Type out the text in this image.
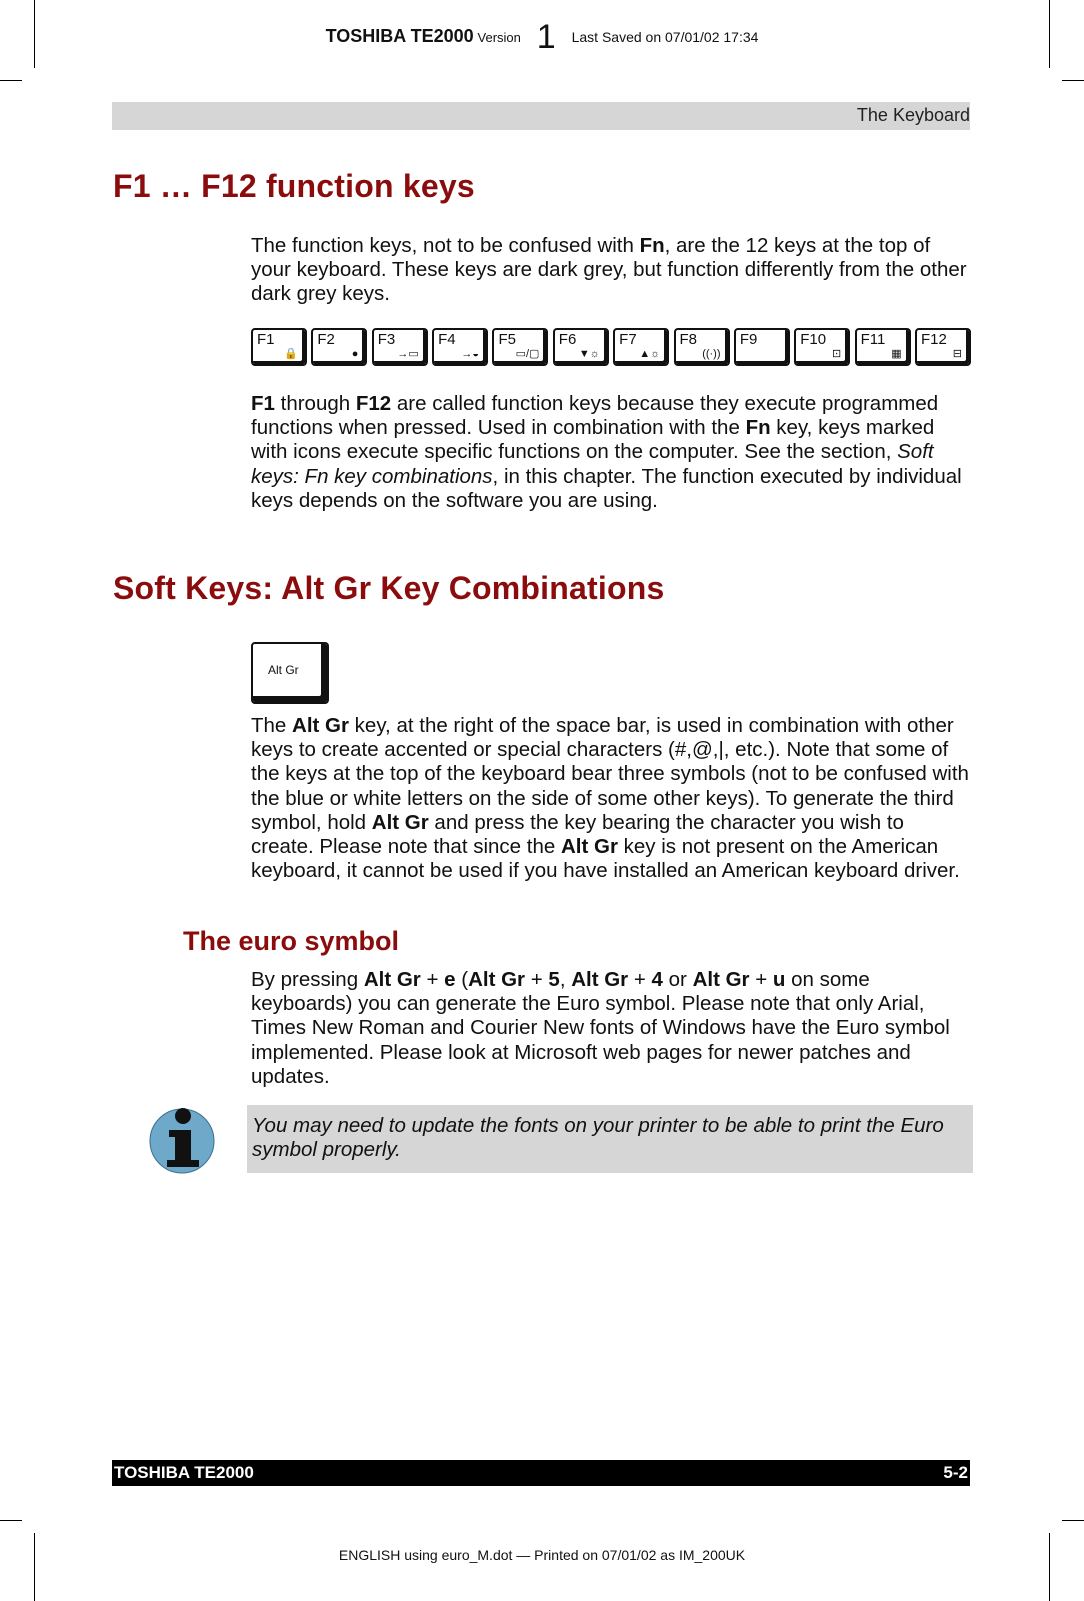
TOSHIBA TE2000 Version 1 Last Saved on 07/01/02 17:34
The Keyboard
F1 … F12 function keys

The function keys, not to be confused with Fn, are the 12 keys at the top of your keyboard. These keys are dark grey, but function differently from the other dark grey keys.

F1
🔒
F2
●
F3
→▭
F4
→◒
F5
▭/▢
F6
▼☼
F7
▲☼
F8
((·))
F9	F10
⊡
F11
▦
F12
⊟

F1 through F12 are called function keys because they execute programmed functions when pressed. Used in combination with the Fn key, keys marked with icons execute specific functions on the computer. See the section, Soft keys: Fn key combinations, in this chapter. The function executed by individual keys depends on the software you are using.

Soft Keys: Alt Gr Key Combinations
Alt Gr

The Alt Gr key, at the right of the space bar, is used in combination with other keys to create accented or special characters (#,@,|, etc.). Note that some of the keys at the top of the keyboard bear three symbols (not to be confused with the blue or white letters on the side of some other keys). To generate the third symbol, hold Alt Gr and press the key bearing the character you wish to create. Please note that since the Alt Gr key is not present on the American keyboard, it cannot be used if you have installed an American keyboard driver.

The euro symbol

By pressing Alt Gr + e (Alt Gr + 5, Alt Gr + 4 or Alt Gr + u on some keyboards) you can generate the Euro symbol. Please note that only Arial, Times New Roman and Courier New fonts of Windows have the Euro symbol implemented. Please look at Microsoft web pages for newer patches and updates.

You may need to update the fonts on your printer to be able to print the Euro symbol properly.

TOSHIBA TE2000	5-2
ENGLISH using euro_M.dot — Printed on 07/01/02 as IM_200UK
